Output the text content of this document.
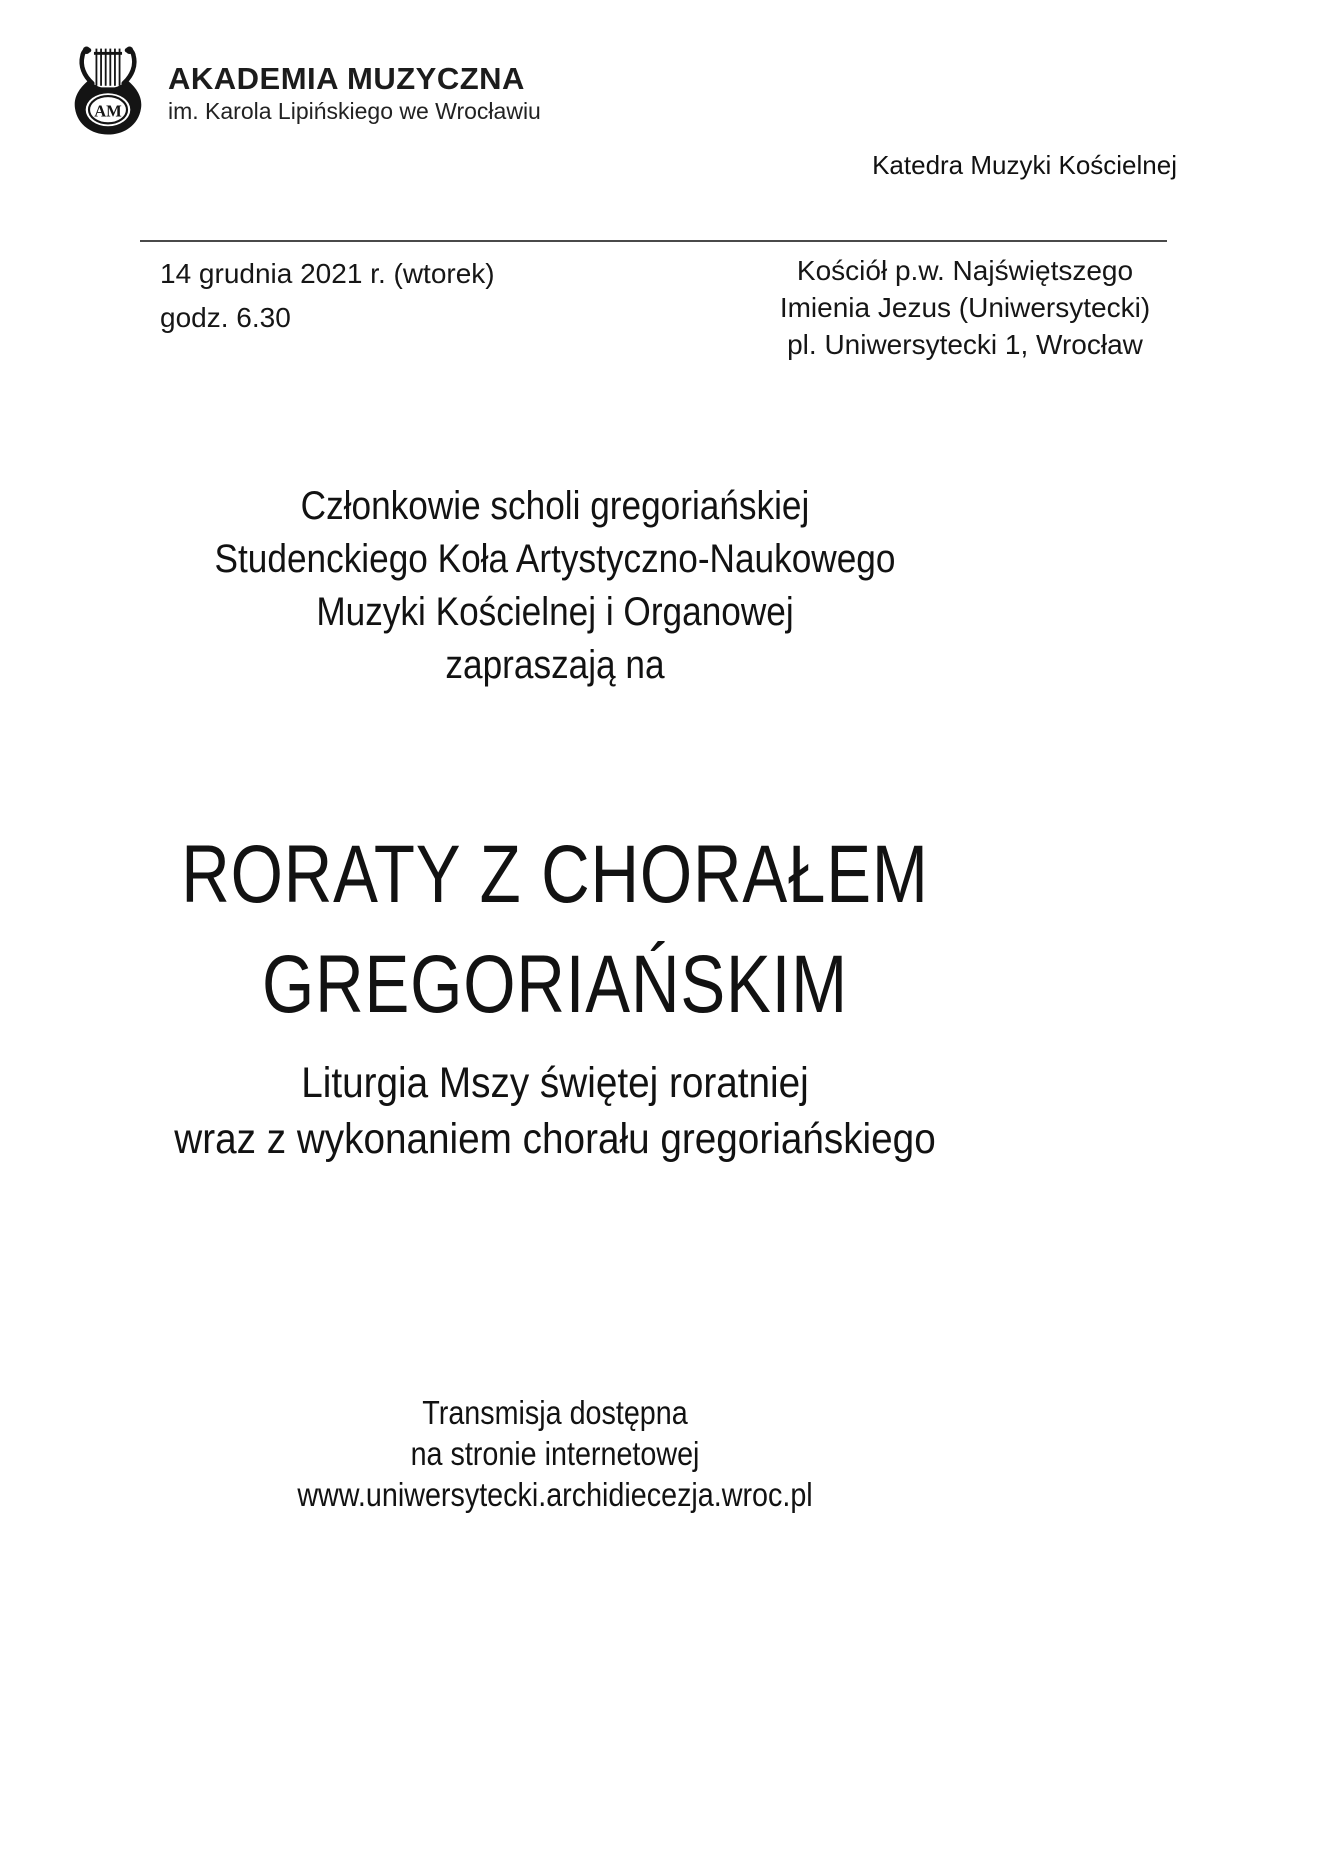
AM
AKADEMIA MUZYCZNA
im. Karola Lipińskiego we Wrocławiu
Katedra Muzyki Kościelnej
14 grudnia 2021 r. (wtorek)
godz. 6.30
Kościół p.w. Najświętszego
Imienia Jezus (Uniwersytecki)
pl. Uniwersytecki 1, Wrocław
Członkowie scholi gregoriańskiej
Studenckiego Koła Artystyczno-Naukowego
Muzyki Kościelnej i Organowej
zapraszają na
RORATY Z CHORAŁEM
GREGORIAŃSKIM
Liturgia Mszy świętej roratniej
wraz z wykonaniem chorału gregoriańskiego
Transmisja dostępna
na stronie internetowej
www.uniwersytecki.archidiecezja.wroc.pl
